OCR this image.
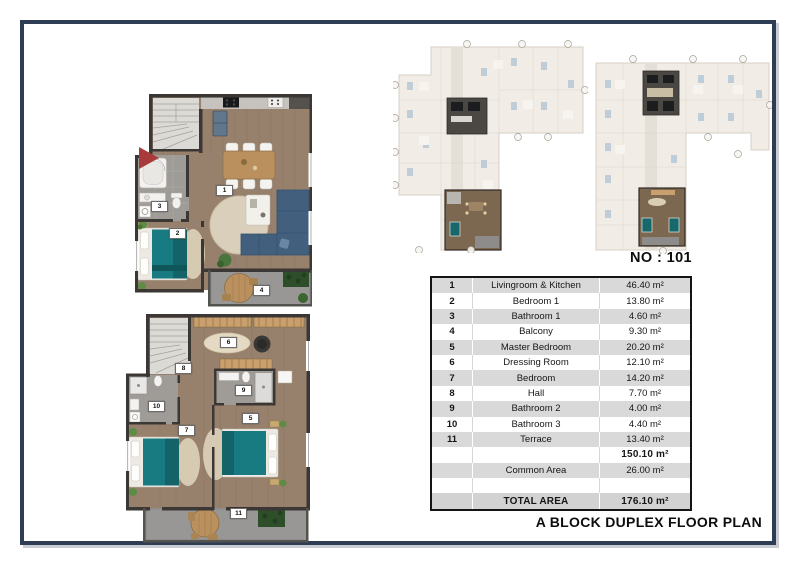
1
2
3
4
5
6
7
8
9
10
11
NO : 101
1	Livingroom & Kitchen	46.40 m²
2	Bedroom 1	13.80 m²
3	Bathroom 1	4.60 m²
4	Balcony	9.30 m²
5	Master Bedroom	20.20 m²
6	Dressing Room	12.10 m²
7	Bedroom	14.20 m²
8	Hall	7.70 m²
9	Bathroom 2	4.00 m²
10	Bathroom 3	4.40 m²
11	Terrace	13.40 m²
150.10 m²
Common Area	26.00 m²
TOTAL AREA	176.10 m²
A BLOCK DUPLEX FLOOR PLAN
